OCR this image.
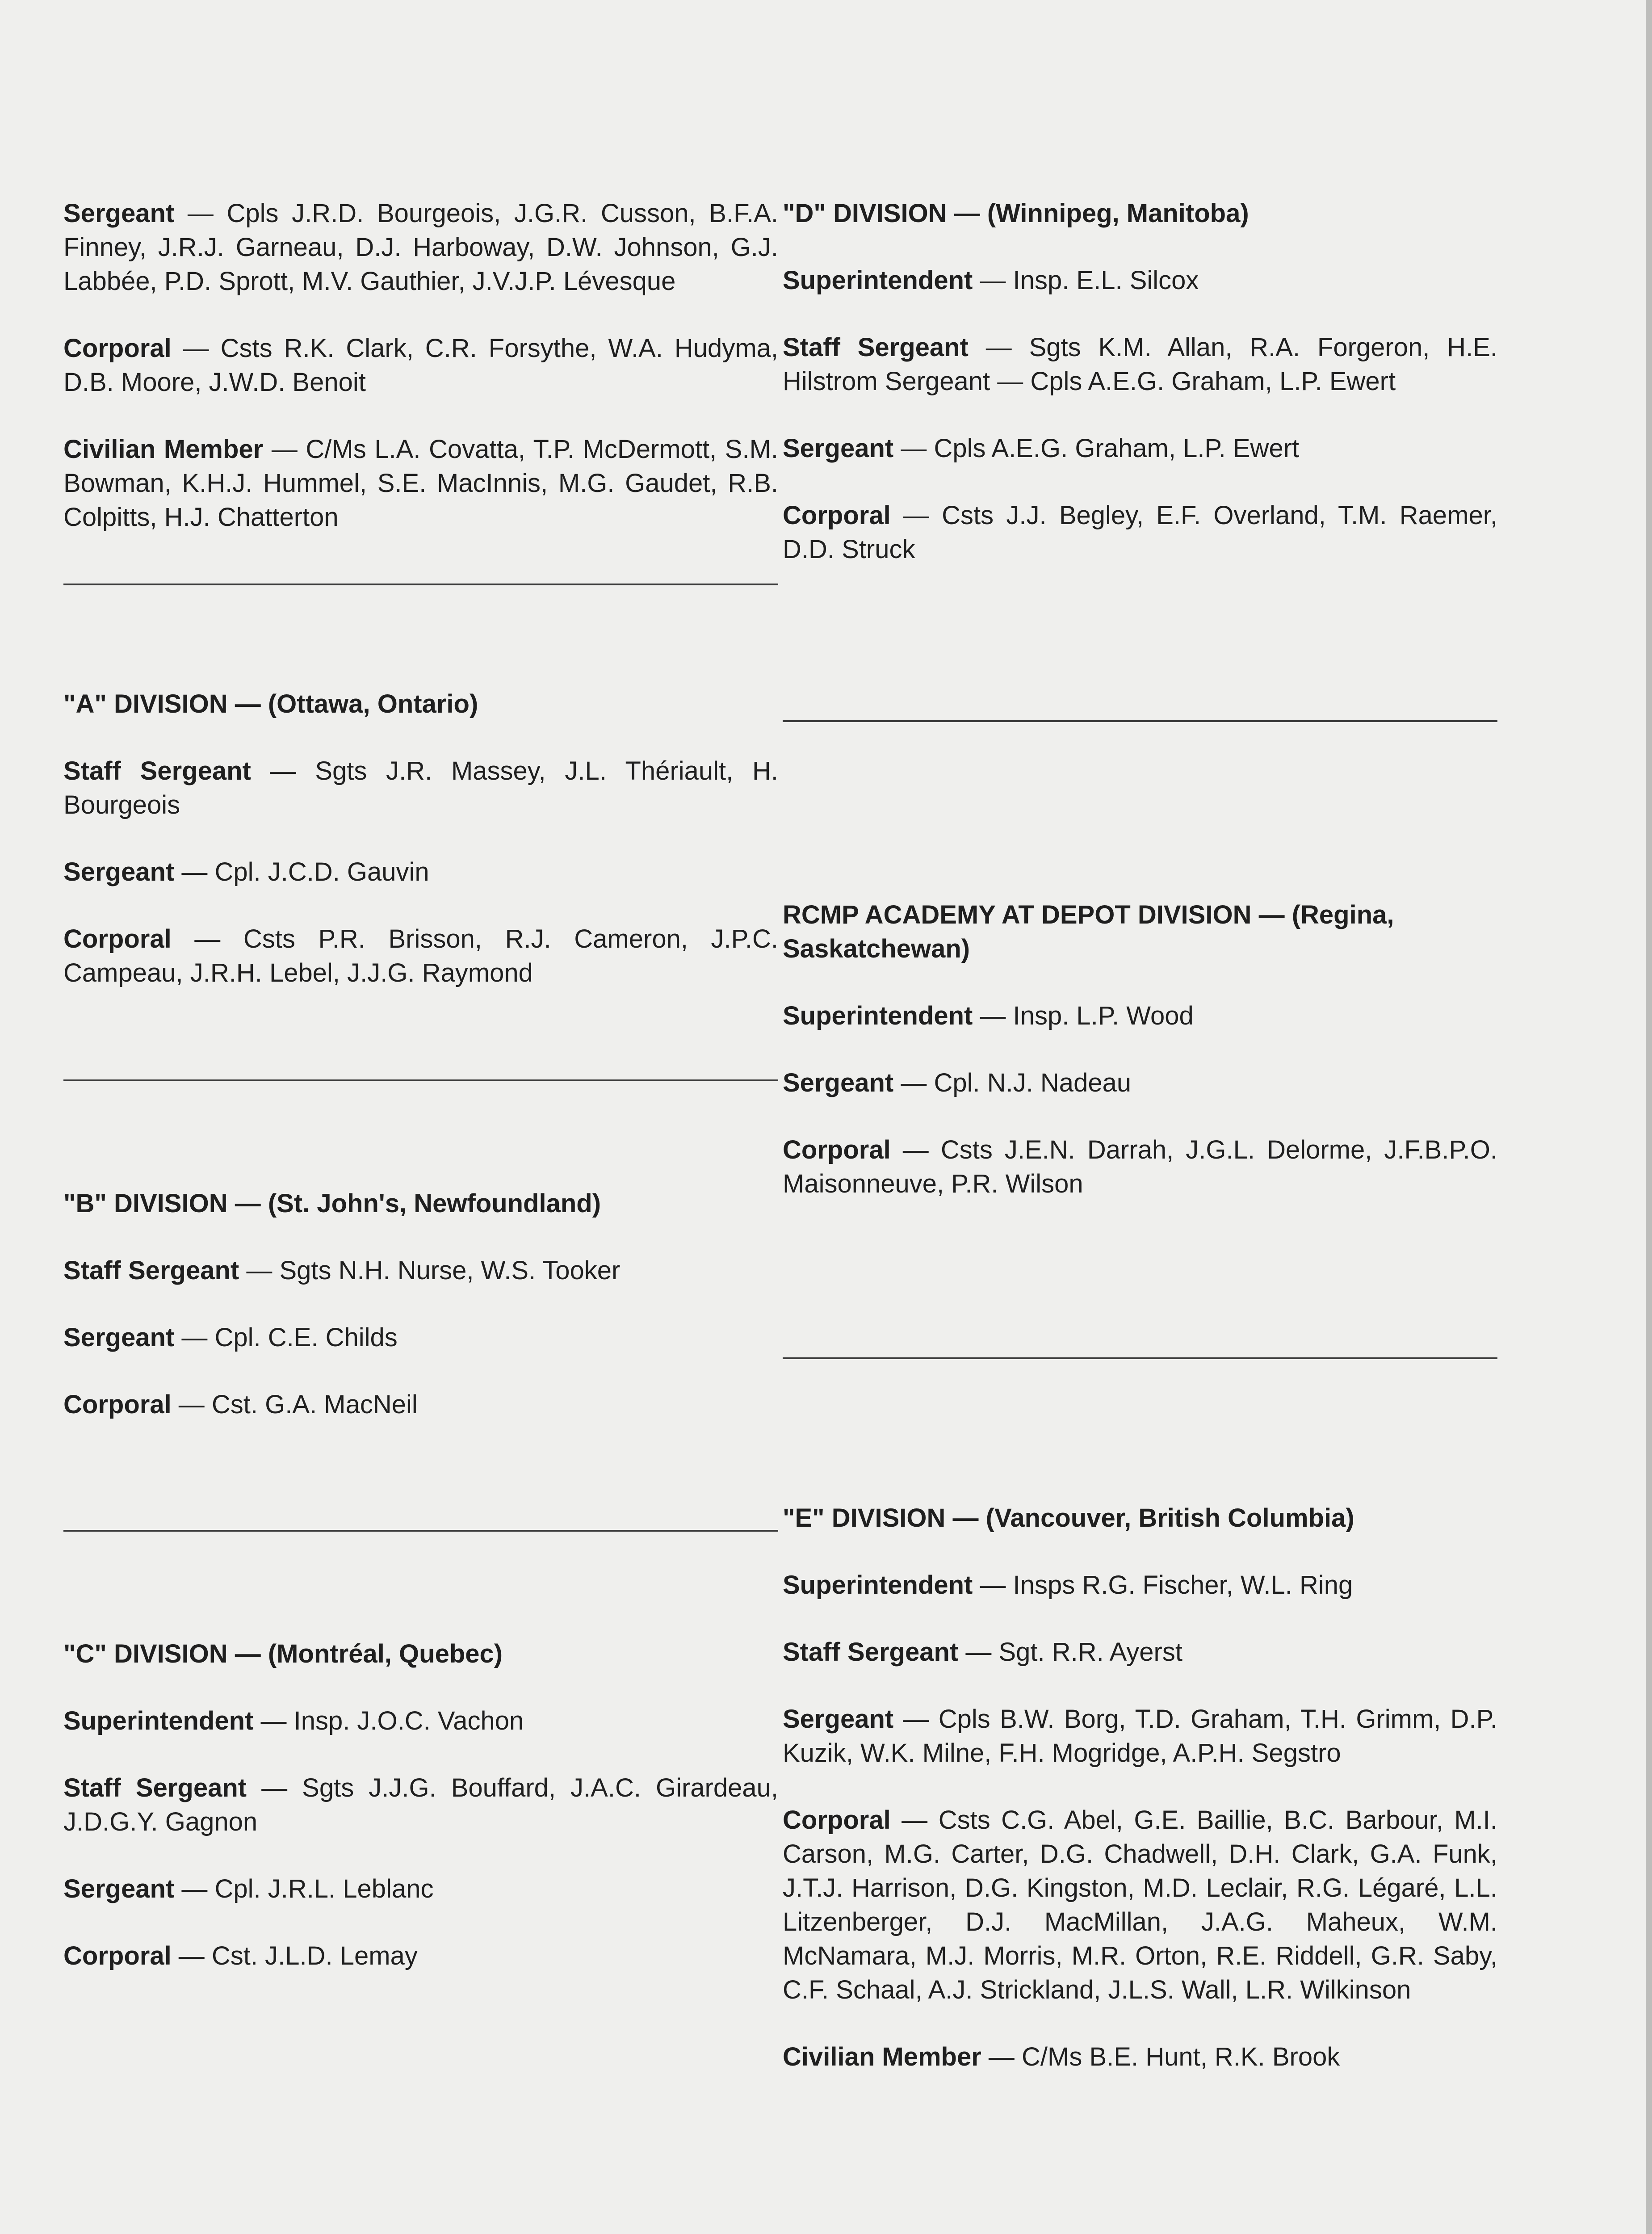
Sergeant — Cpls J.R.D. Bourgeois, J.G.R. Cusson, B.F.A. Finney, J.R.J. Garneau, D.J. Harboway, D.W. Johnson, G.J. Labbée, P.D. Sprott, M.V. Gauthier, J.V.J.P. Lévesque

Corporal — Csts R.K. Clark, C.R. Forsythe, W.A. Hudyma, D.B. Moore, J.W.D. Benoit

Civilian Member — C/Ms L.A. Covatta, T.P. McDermott, S.M. Bowman, K.H.J. Hummel, S.E. MacInnis, M.G. Gaudet, R.B. Colpitts, H.J. Chatterton

"A" DIVISION — (Ottawa, Ontario)

Staff Sergeant — Sgts J.R. Massey, J.L. Thériault, H. Bourgeois

Sergeant — Cpl. J.C.D. Gauvin

Corporal — Csts P.R. Brisson, R.J. Cameron, J.P.C. Campeau, J.R.H. Lebel, J.J.G. Raymond

"B" DIVISION — (St. John's, Newfoundland)

Staff Sergeant — Sgts N.H. Nurse, W.S. Tooker

Sergeant — Cpl. C.E. Childs

Corporal — Cst. G.A. MacNeil

"C" DIVISION — (Montréal, Quebec)

Superintendent — Insp. J.O.C. Vachon

Staff Sergeant — Sgts J.J.G. Bouffard, J.A.C. Girardeau, J.D.G.Y. Gagnon

Sergeant — Cpl. J.R.L. Leblanc

Corporal — Cst. J.L.D. Lemay

"D" DIVISION — (Winnipeg, Manitoba)

Superintendent — Insp. E.L. Silcox

Staff Sergeant — Sgts K.M. Allan, R.A. Forgeron, H.E. Hilstrom Sergeant — Cpls A.E.G. Graham, L.P. Ewert

Sergeant — Cpls A.E.G. Graham, L.P. Ewert

Corporal — Csts J.J. Begley, E.F. Overland, T.M. Raemer, D.D. Struck

RCMP ACADEMY AT DEPOT DIVISION — (Regina, Saskatchewan)

Superintendent — Insp. L.P. Wood

Sergeant — Cpl. N.J. Nadeau

Corporal — Csts J.E.N. Darrah, J.G.L. Delorme, J.F.B.P.O. Maisonneuve, P.R. Wilson

"E" DIVISION — (Vancouver, British Columbia)

Superintendent — Insps R.G. Fischer, W.L. Ring

Staff Sergeant — Sgt. R.R. Ayerst

Sergeant — Cpls B.W. Borg, T.D. Graham, T.H. Grimm, D.P. Kuzik, W.K. Milne, F.H. Mogridge, A.P.H. Segstro

Corporal — Csts C.G. Abel, G.E. Baillie, B.C. Barbour, M.I. Carson, M.G. Carter, D.G. Chadwell, D.H. Clark, G.A. Funk, J.T.J. Harrison, D.G. Kingston, M.D. Leclair, R.G. Légaré, L.L. Litzenberger, D.J. MacMillan, J.A.G. Maheux, W.M. McNamara, M.J. Morris, M.R. Orton, R.E. Riddell, G.R. Saby, C.F. Schaal, A.J. Strickland, J.L.S. Wall, L.R. Wilkinson

Civilian Member — C/Ms B.E. Hunt, R.K. Brook
